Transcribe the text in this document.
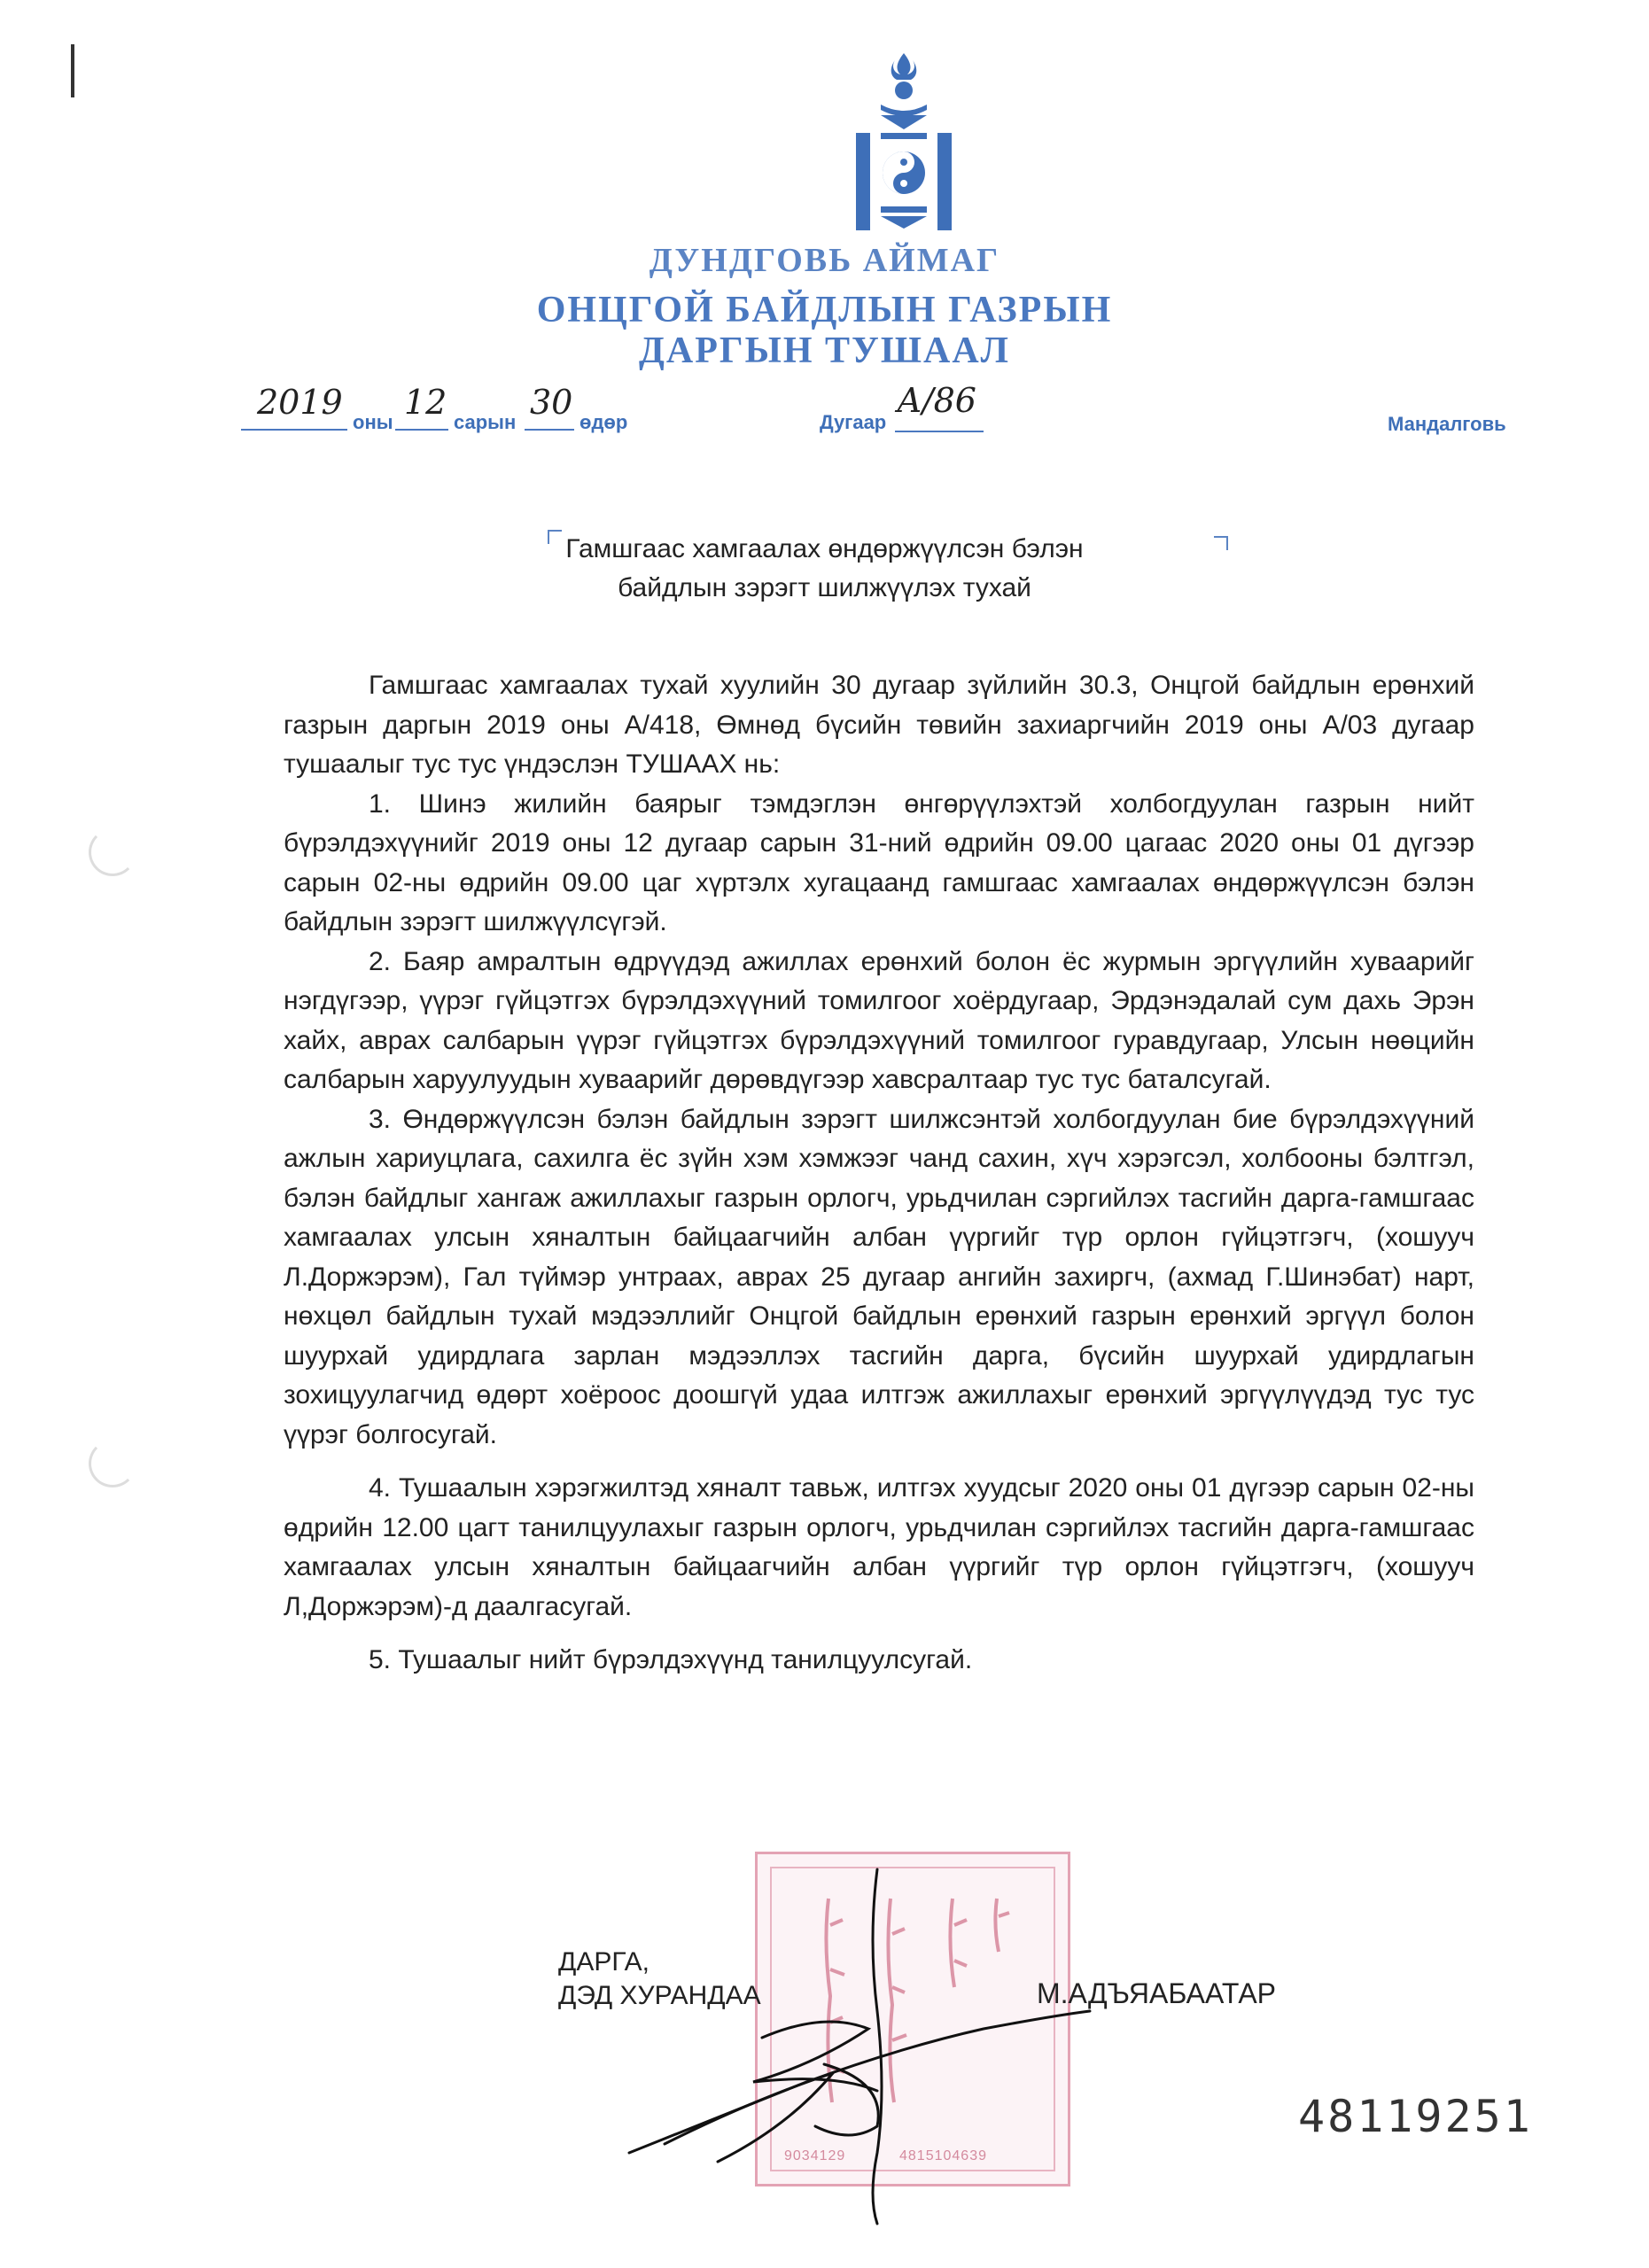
ДУНДГОВЬ АЙМАГ
ОНЦГОЙ БАЙДЛЫН ГАЗРЫН
ДАРГЫН ТУШААЛ
2019
оны
12
сарын
30
өдөр	Дугаар
А/86
Мандалговь
Гамшгаас хамгаалах өндөржүүлсэн бэлэн
байдлын зэрэгт шилжүүлэх тухай

Гамшгаас хамгаалах тухай хуулийн 30 дугаар зүйлийн 30.3, Онцгой байдлын ерөнхий газрын даргын 2019 оны А/418, Өмнөд бүсийн төвийн захиаргчийн 2019 оны А/03 дугаар тушаалыг тус тус үндэслэн ТУШААХ нь:

1. Шинэ жилийн баярыг тэмдэглэн өнгөрүүлэхтэй холбогдуулан газрын нийт бүрэлдэхүүнийг 2019 оны 12 дугаар сарын 31-ний өдрийн 09.00 цагаас 2020 оны 01 дүгээр сарын 02-ны өдрийн 09.00 цаг хүртэлх хугацаанд гамшгаас хамгаалах өндөржүүлсэн бэлэн байдлын зэрэгт шилжүүлсүгэй.

2. Баяр амралтын өдрүүдэд ажиллах ерөнхий болон ёс журмын эргүүлийн хуваарийг нэгдүгээр, үүрэг гүйцэтгэх бүрэлдэхүүний томилгоог хоёрдугаар, Эрдэнэдалай сум дахь Эрэн хайх, аврах салбарын үүрэг гүйцэтгэх бүрэлдэхүүний томилгоог гуравдугаар, Улсын нөөцийн салбарын харуулуудын хуваарийг дөрөвдүгээр хавсралтаар тус тус баталсугай.

3. Өндөржүүлсэн бэлэн байдлын зэрэгт шилжсэнтэй холбогдуулан бие бүрэлдэхүүний ажлын хариуцлага, сахилга ёс зүйн хэм хэмжээг чанд сахин, хүч хэрэгсэл, холбооны бэлтгэл, бэлэн байдлыг хангаж ажиллахыг газрын орлогч, урьдчилан сэргийлэх тасгийн дарга-гамшгаас хамгаалах улсын хяналтын байцаагчийн албан үүргийг түр орлон гүйцэтгэгч, (хошууч Л.Доржэрэм), Гал түймэр унтраах, аврах 25 дугаар ангийн захиргч, (ахмад Г.Шинэбат) нарт, нөхцөл байдлын тухай мэдээллийг Онцгой байдлын ерөнхий газрын ерөнхий эргүүл болон шуурхай удирдлага зарлан мэдээллэх тасгийн дарга, бүсийн шуурхай удирдлагын зохицуулагчид өдөрт хоёроос доошгүй удаа илтгэж ажиллахыг ерөнхий эргүүлүүдэд тус тус үүрэг болгосугай.

4. Тушаалын хэрэгжилтэд хяналт тавьж, илтгэх хуудсыг 2020 оны 01 дүгээр сарын 02-ны өдрийн 12.00 цагт танилцуулахыг газрын орлогч, урьдчилан сэргийлэх тасгийн дарга-гамшгаас хамгаалах улсын хяналтын байцаагчийн албан үүргийг түр орлон гүйцэтгэгч, (хошууч Л,Доржэрэм)-д даалгасугай.

5. Тушаалыг нийт бүрэлдэхүүнд танилцуулсугай.

9034129	4815104639
ДАРГА,
ДЭД ХУРАНДАА	М.АДЪЯАБААТАР
48119251
